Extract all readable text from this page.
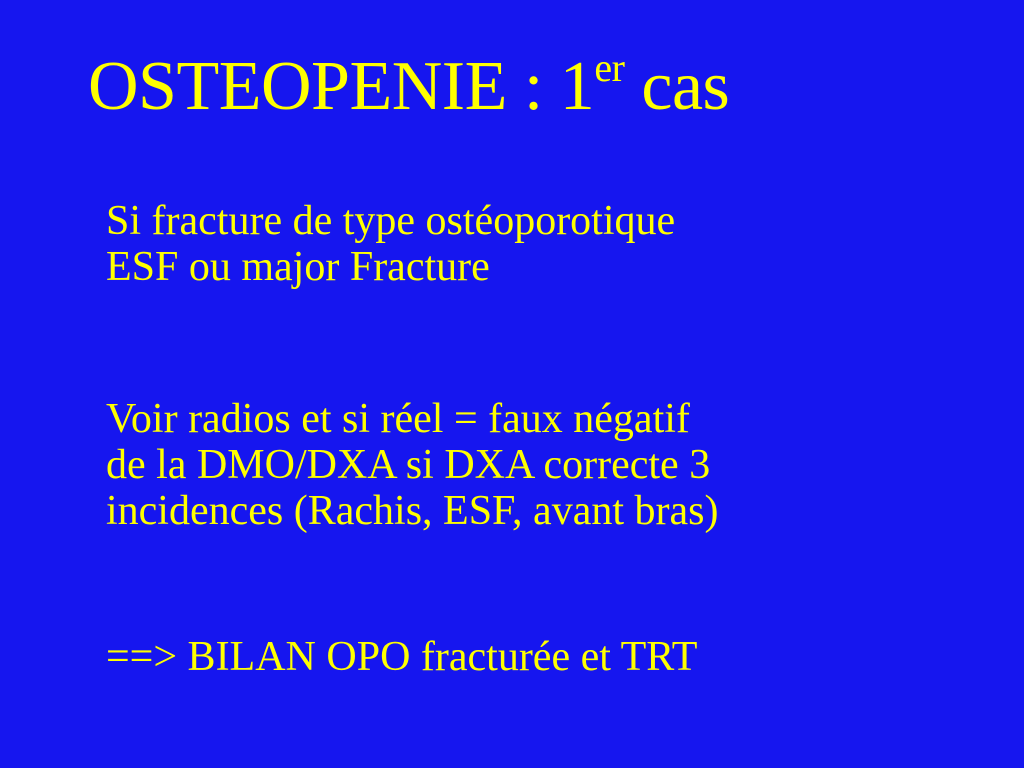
OSTEOPENIE : 1er cas
Si fracture de type ostéoporotique
ESF ou major Fracture
Voir radios et si réel = faux négatif
de la DMO/DXA si DXA correcte 3
incidences (Rachis, ESF, avant bras)
==> BILAN OPO fracturée et TRT
